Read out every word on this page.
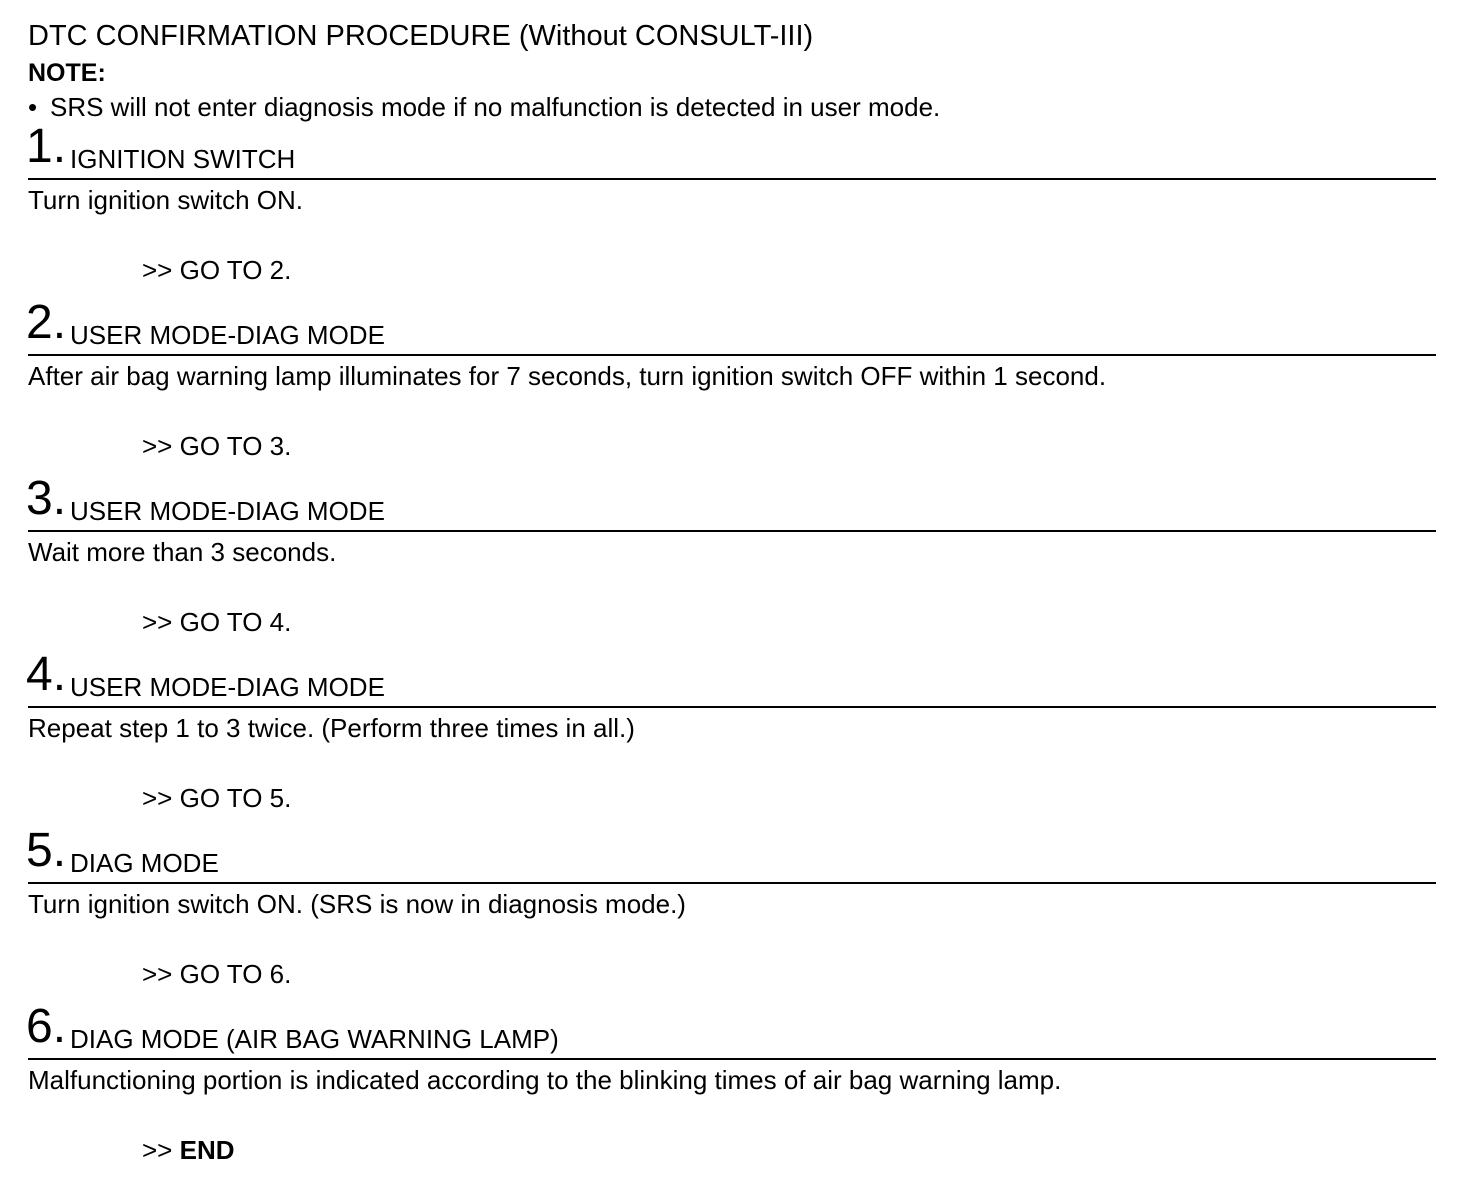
DTC CONFIRMATION PROCEDURE (Without CONSULT-III)
NOTE:
• SRS will not enter diagnosis mode if no malfunction is detected in user mode.
1. IGNITION SWITCH
Turn ignition switch ON.
>> GO TO 2.
2. USER MODE-DIAG MODE
After air bag warning lamp illuminates for 7 seconds, turn ignition switch OFF within 1 second.
>> GO TO 3.
3. USER MODE-DIAG MODE
Wait more than 3 seconds.
>> GO TO 4.
4. USER MODE-DIAG MODE
Repeat step 1 to 3 twice. (Perform three times in all.)
>> GO TO 5.
5. DIAG MODE
Turn ignition switch ON. (SRS is now in diagnosis mode.)
>> GO TO 6.
6. DIAG MODE (AIR BAG WARNING LAMP)
Malfunctioning portion is indicated according to the blinking times of air bag warning lamp.
>> END
